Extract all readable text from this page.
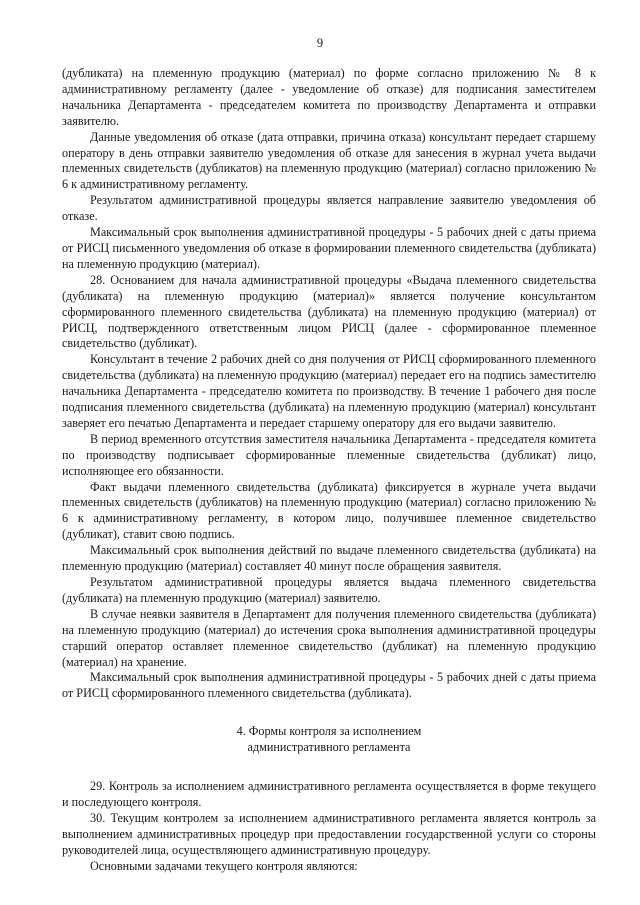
9

(дубликата) на племенную продукцию (материал) по форме согласно приложению № 8 к административному регламенту (далее - уведомление об отказе) для подписания заместителем начальника Департамента - председателем комитета по производству Департамента и отправки заявителю.

Данные уведомления об отказе (дата отправки, причина отказа) консультант передает старшему оператору в день отправки заявителю уведомления об отказе для занесения в журнал учета выдачи племенных свидетельств (дубликатов) на племенную продукцию (материал) согласно приложению № 6 к административному регламенту.

Результатом административной процедуры является направление заявителю уведомления об отказе.

Максимальный срок выполнения административной процедуры - 5 рабочих дней с даты приема от РИСЦ письменного уведомления об отказе в формировании племенного свидетельства (дубликата) на племенную продукцию (материал).

28. Основанием для начала административной процедуры «Выдача племенного свидетельства (дубликата) на племенную продукцию (материал)» является получение консультантом сформированного племенного свидетельства (дубликата) на племенную продукцию (материал) от РИСЦ, подтвержденного ответственным лицом РИСЦ (далее - сформированное племенное свидетельство (дубликат).

Консультант в течение 2 рабочих дней со дня получения от РИСЦ сформированного племенного свидетельства (дубликата) на племенную продукцию (материал) передает его на подпись заместителю начальника Департамента - председателю комитета по производству. В течение 1 рабочего дня после подписания племенного свидетельства (дубликата) на племенную продукцию (материал) консультант заверяет его печатью Департамента и передает старшему оператору для его выдачи заявителю.

В период временного отсутствия заместителя начальника Департамента - председателя комитета по производству подписывает сформированные племенные свидетельства (дубликат) лицо, исполняющее его обязанности.

Факт выдачи племенного свидетельства (дубликата) фиксируется в журнале учета выдачи племенных свидетельств (дубликатов) на племенную продукцию (материал) согласно приложению № 6 к административному регламенту, в котором лицо, получившее племенное свидетельство (дубликат), ставит свою подпись.

Максимальный срок выполнения действий по выдаче племенного свидетельства (дубликата) на племенную продукцию (материал) составляет 40 минут после обращения заявителя.

Результатом административной процедуры является выдача племенного свидетельства (дубликата) на племенную продукцию (материал) заявителю.

В случае неявки заявителя в Департамент для получения племенного свидетельства (дубликата) на племенную продукцию (материал) до истечения срока выполнения административной процедуры старший оператор оставляет племенное свидетельство (дубликат) на племенную продукцию (материал) на хранение.

Максимальный срок выполнения административной процедуры - 5 рабочих дней с даты приема от РИСЦ сформированного племенного свидетельства (дубликата).

4. Формы контроля за исполнением
административного регламента

29. Контроль за исполнением административного регламента осуществляется в форме текущего и последующего контроля.

30. Текущим контролем за исполнением административного регламента является контроль за выполнением административных процедур при предоставлении государственной услуги со стороны руководителей лица, осуществляющего административную процедуру.

Основными задачами текущего контроля являются:
